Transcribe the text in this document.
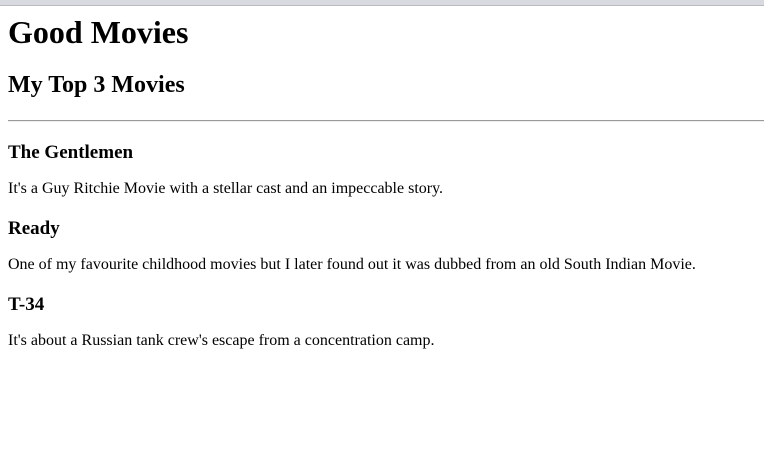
Good Movies
My Top 3 Movies
The Gentlemen

It's a Guy Ritchie Movie with a stellar cast and an impeccable story.

Ready

One of my favourite childhood movies but I later found out it was dubbed from an old South Indian Movie.

T-34

It's about a Russian tank crew's escape from a concentration camp.
